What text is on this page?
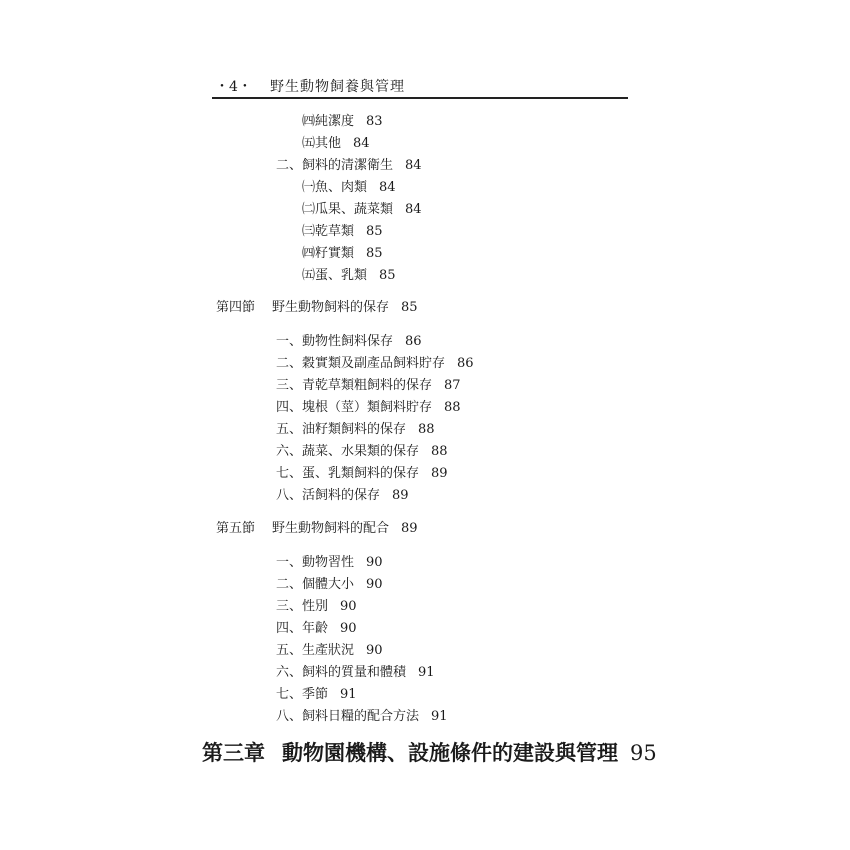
・4・ 野生動物飼養與管理
㈣純潔度 83
㈤其他 84
二、飼料的清潔衛生 84
㈠魚、肉類 84
㈡瓜果、蔬菜類 84
㈢乾草類 85
㈣籽實類 85
㈤蛋、乳類 85
第四節 野生動物飼料的保存 85
一、動物性飼料保存 86
二、穀實類及副產品飼料貯存 86
三、青乾草類粗飼料的保存 87
四、塊根（莖）類飼料貯存 88
五、油籽類飼料的保存 88
六、蔬菜、水果類的保存 88
七、蛋、乳類飼料的保存 89
八、活飼料的保存 89
第五節 野生動物飼料的配合 89
一、動物習性 90
二、個體大小 90
三、性別 90
四、年齡 90
五、生產狀況 90
六、飼料的質量和體積 91
七、季節 91
八、飼料日糧的配合方法 91
第三章 動物園機構、設施條件的建設與管理 95
